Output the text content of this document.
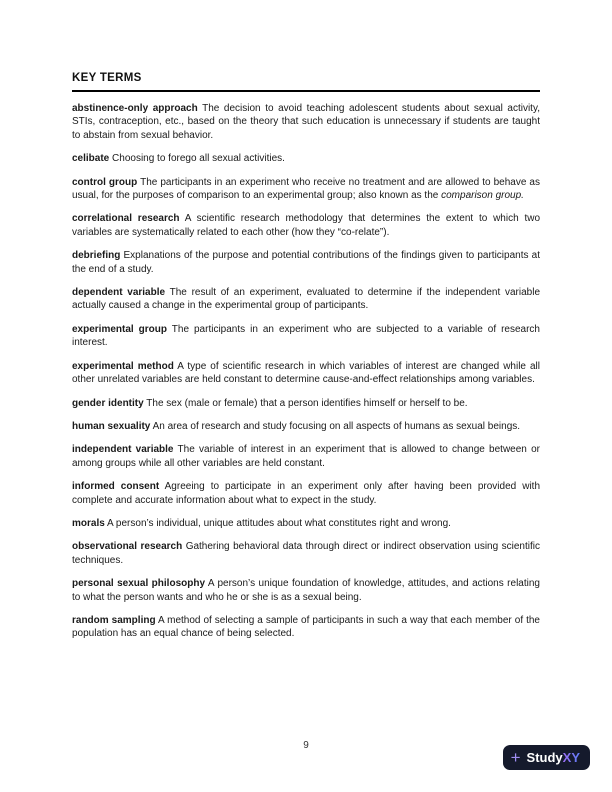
KEY TERMS

abstinence-only approach The decision to avoid teaching adolescent students about sexual activity, STIs, contraception, etc., based on the theory that such education is unnecessary if students are taught to abstain from sexual behavior.

celibate Choosing to forego all sexual activities.

control group The participants in an experiment who receive no treatment and are allowed to behave as usual, for the purposes of comparison to an experimental group; also known as the comparison group.

correlational research A scientific research methodology that determines the extent to which two variables are systematically related to each other (how they “co-relate”).

debriefing Explanations of the purpose and potential contributions of the findings given to participants at the end of a study.

dependent variable The result of an experiment, evaluated to determine if the independent variable actually caused a change in the experimental group of participants.

experimental group The participants in an experiment who are subjected to a variable of research interest.

experimental method A type of scientific research in which variables of interest are changed while all other unrelated variables are held constant to determine cause-and-effect relationships among variables.

gender identity The sex (male or female) that a person identifies himself or herself to be.

human sexuality An area of research and study focusing on all aspects of humans as sexual beings.

independent variable The variable of interest in an experiment that is allowed to change between or among groups while all other variables are held constant.

informed consent Agreeing to participate in an experiment only after having been provided with complete and accurate information about what to expect in the study.

morals A person’s individual, unique attitudes about what constitutes right and wrong.

observational research Gathering behavioral data through direct or indirect observation using scientific techniques.

personal sexual philosophy A person’s unique foundation of knowledge, attitudes, and actions relating to what the person wants and who he or she is as a sexual being.

random sampling A method of selecting a sample of participants in such a way that each member of the population has an equal chance of being selected.

9
+ StudyXY
